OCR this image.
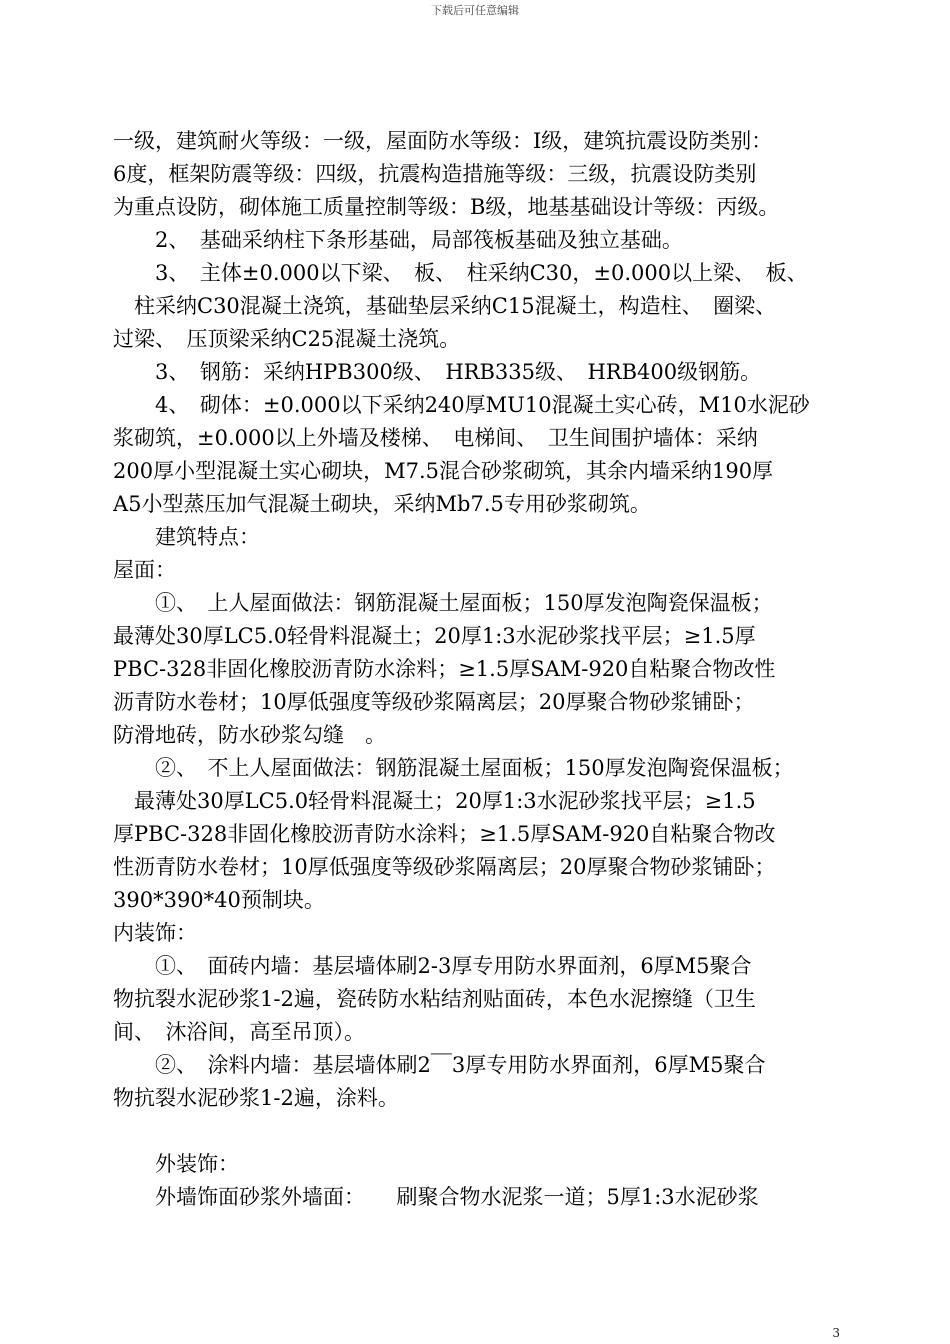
下载后可任意编辑
一级，建筑耐火等级：一级，屋面防水等级：Ⅰ级，建筑抗震设防类别：
6度，框架防震等级：四级，抗震构造措施等级：三级，抗震设防类别
为重点设防，砌体施工质量控制等级：B级，地基基础设计等级：丙级。
　　2、　基础采纳柱下条形基础，局部筏板基础及独立基础。
　　3、　主体±0.000以下梁、　板、　柱采纳C30，±0.000以上梁、　板、
　柱采纳C30混凝土浇筑，基础垫层采纳C15混凝土，构造柱、　圈梁、
过梁、　压顶梁采纳C25混凝土浇筑。
　　3、　钢筋：采纳HPB300级、　HRB335级、　HRB400级钢筋。
　　4、　砌体：±0.000以下采纳240厚MU10混凝土实心砖，M10水泥砂
浆砌筑，±0.000以上外墙及楼梯、　电梯间、　卫生间围护墙体：采纳
200厚小型混凝土实心砌块，M7.5混合砂浆砌筑，其余内墙采纳190厚
A5小型蒸压加气混凝土砌块，采纳Mb7.5专用砂浆砌筑。
　　建筑特点：
屋面：
　　①、　上人屋面做法：钢筋混凝土屋面板；150厚发泡陶瓷保温板；
最薄处30厚LC5.0轻骨料混凝土；20厚1:3水泥砂浆找平层；≥1.5厚
PBC-328非固化橡胶沥青防水涂料；≥1.5厚SAM-920自粘聚合物改性
沥青防水卷材；10厚低强度等级砂浆隔离层；20厚聚合物砂浆铺卧；
防滑地砖，防水砂浆勾缝　。
　　②、　不上人屋面做法：钢筋混凝土屋面板；150厚发泡陶瓷保温板；
　最薄处30厚LC5.0轻骨料混凝土；20厚1:3水泥砂浆找平层；≥1.5
厚PBC-328非固化橡胶沥青防水涂料；≥1.5厚SAM-920自粘聚合物改
性沥青防水卷材；10厚低强度等级砂浆隔离层；20厚聚合物砂浆铺卧；
390*390*40预制块。
内装饰：
　　①、　面砖内墙：基层墙体刷2-3厚专用防水界面剂，6厚M5聚合
物抗裂水泥砂浆1-2遍，瓷砖防水粘结剂贴面砖，本色水泥擦缝（卫生
间、　沐浴间，高至吊顶）。
　　②、　涂料内墙：基层墙体刷2￣3厚专用防水界面剂，6厚M5聚合
物抗裂水泥砂浆1-2遍，涂料。
　　外装饰：
　　外墙饰面砂浆外墙面：　　刷聚合物水泥浆一道；5厚1:3水泥砂浆
3
